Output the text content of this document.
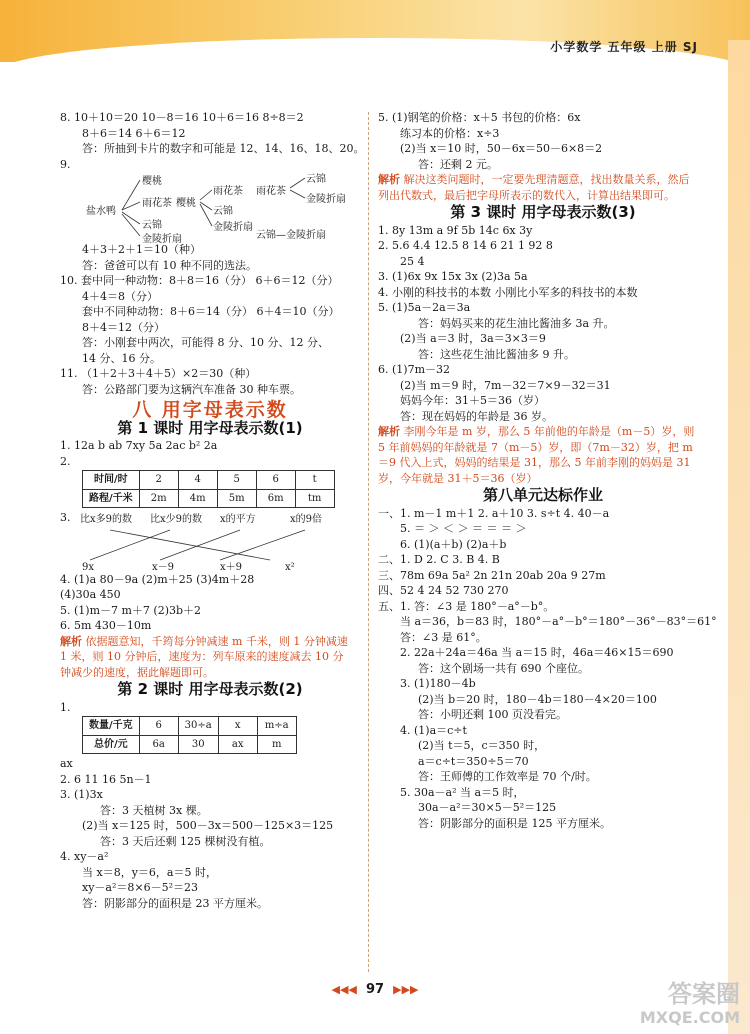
小学数学 五年级 上册 SJ
8. 10＋10＝20 10－8＝16 10＋6＝16 8÷8＝2
8＋6＝14 6＋6＝12
答：所抽到卡片的数字和可能是 12、14、16、18、20。
9.
盐水鸭
樱桃
雨花茶
云锦
金陵折扇
樱桃
雨花茶
云锦
金陵折扇
雨花茶
云锦
金陵折扇
云锦—金陵折扇
4＋3＋2＋1＝10（种）
答：爸爸可以有 10 种不同的选法。
10. 套中同一种动物：8＋8＝16（分） 6＋6＝12（分）
4＋4＝8（分）
套中不同种动物：8＋6＝14（分） 6＋4＝10（分）
8＋4＝12（分）
答：小刚套中两次，可能得 8 分、10 分、12 分、
14 分、16 分。
11. （1＋2＋3＋4＋5）×2＝30（种）
答：公路部门要为这辆汽车准备 30 种车票。
八 用字母表示数
第 1 课时 用字母表示数(1)
1. 12a b ab 7xy 5a 2ac b² 2a
2.
时间/时	2	4	5	6	t
路程/千米	2m	4m	5m	6m	tm
3. 比x多9的数 比x少9的数 x的平方	x的9倍
9x	x－9	x＋9	x²
4. (1)a 80－9a (2)m＋25 (3)4m＋28
(4)30a 450
5. (1)m－7 m＋7 (2)3b＋2
6. 5m 430－10m
解析 依据题意知，千筠每分钟减速 m 千米，则 1 分钟减速 1 米，则 10 分钟后，速度为：列车原来的速度减去 10 分钟减少的速度，据此解题即可。
第 2 课时 用字母表示数(2)
1.
数量/千克	6	30÷a	x	m÷a
总价/元	6a	30	ax	m
ax
2. 6 11 16 5n－1
3. (1)3x
答：3 天植树 3x 棵。
(2)当 x＝125 时，500－3x＝500－125×3＝125
答：3 天后还剩 125 棵树没有植。
4. xy－a²
当 x＝8，y＝6，a＝5 时，
xy－a²＝8×6－5²＝23
答：阴影部分的面积是 23 平方厘米。
5. (1)钢笔的价格：x＋5 书包的价格：6x
练习本的价格：x÷3
(2)当 x＝10 时，50－6x＝50－6×8＝2
答：还剩 2 元。
解析 解决这类问题时，一定要先理清题意，找出数量关系，然后列出代数式，最后把字母所表示的数代入，计算出结果即可。
第 3 课时 用字母表示数(3)
1. 8y 13m a 9f 5b 14c 6x 3y
2. 5.6 4.4 12.5 8 14 6 21 1 92 8
25 4
3. (1)6x 9x 15x 3x (2)3a 5a
4. 小刚的科技书的本数 小刚比小军多的科技书的本数
5. (1)5a－2a＝3a
答：妈妈买来的花生油比酱油多 3a 升。
(2)当 a＝3 时，3a＝3×3＝9
答：这些花生油比酱油多 9 升。
6. (1)7m－32
(2)当 m＝9 时，7m－32＝7×9－32＝31
妈妈今年：31＋5＝36（岁）
答：现在妈妈的年龄是 36 岁。
解析 李刚今年是 m 岁，那么 5 年前他的年龄是（m－5）岁，则 5 年前妈妈的年龄就是 7（m－5）岁，即（7m－32）岁，把 m＝9 代入上式，妈妈的结果是 31，那么 5 年前李刚的妈妈是 31 岁，今年就是 31＋5＝36（岁）
第八单元达标作业
一、1. m－1 m＋1 2. a＋10 3. s÷t 4. 40－a
5. ＝ ＞ ＜ ＞ ＝ ＝ ＝ ＞
6. (1)(a＋b) (2)a＋b
二、1. D 2. C 3. B 4. B
三、78m 69a 5a² 2n 21n 20ab 20a 9 27m
四、52 4 24 52 730 270
五、1. 答：∠3 是 180°－a°－b°。
当 a＝36，b＝83 时，180°－a°－b°＝180°－36°－83°＝61°
答：∠3 是 61°。
2. 22a＋24a＝46a 当 a＝15 时，46a＝46×15＝690
答：这个剧场一共有 690 个座位。
3. (1)180－4b
(2)当 b＝20 时，180－4b＝180－4×20＝100
答：小明还剩 100 页没看完。
4. (1)a＝c÷t
(2)当 t＝5，c＝350 时，
a＝c÷t＝350÷5＝70
答：王师傅的工作效率是 70 个/时。
5. 30a－a² 当 a＝5 时，
30a－a²＝30×5－5²＝125
答：阴影部分的面积是 125 平方厘米。
◀◀◀ 97 ▶▶▶	答案圈
MXQE.COM
